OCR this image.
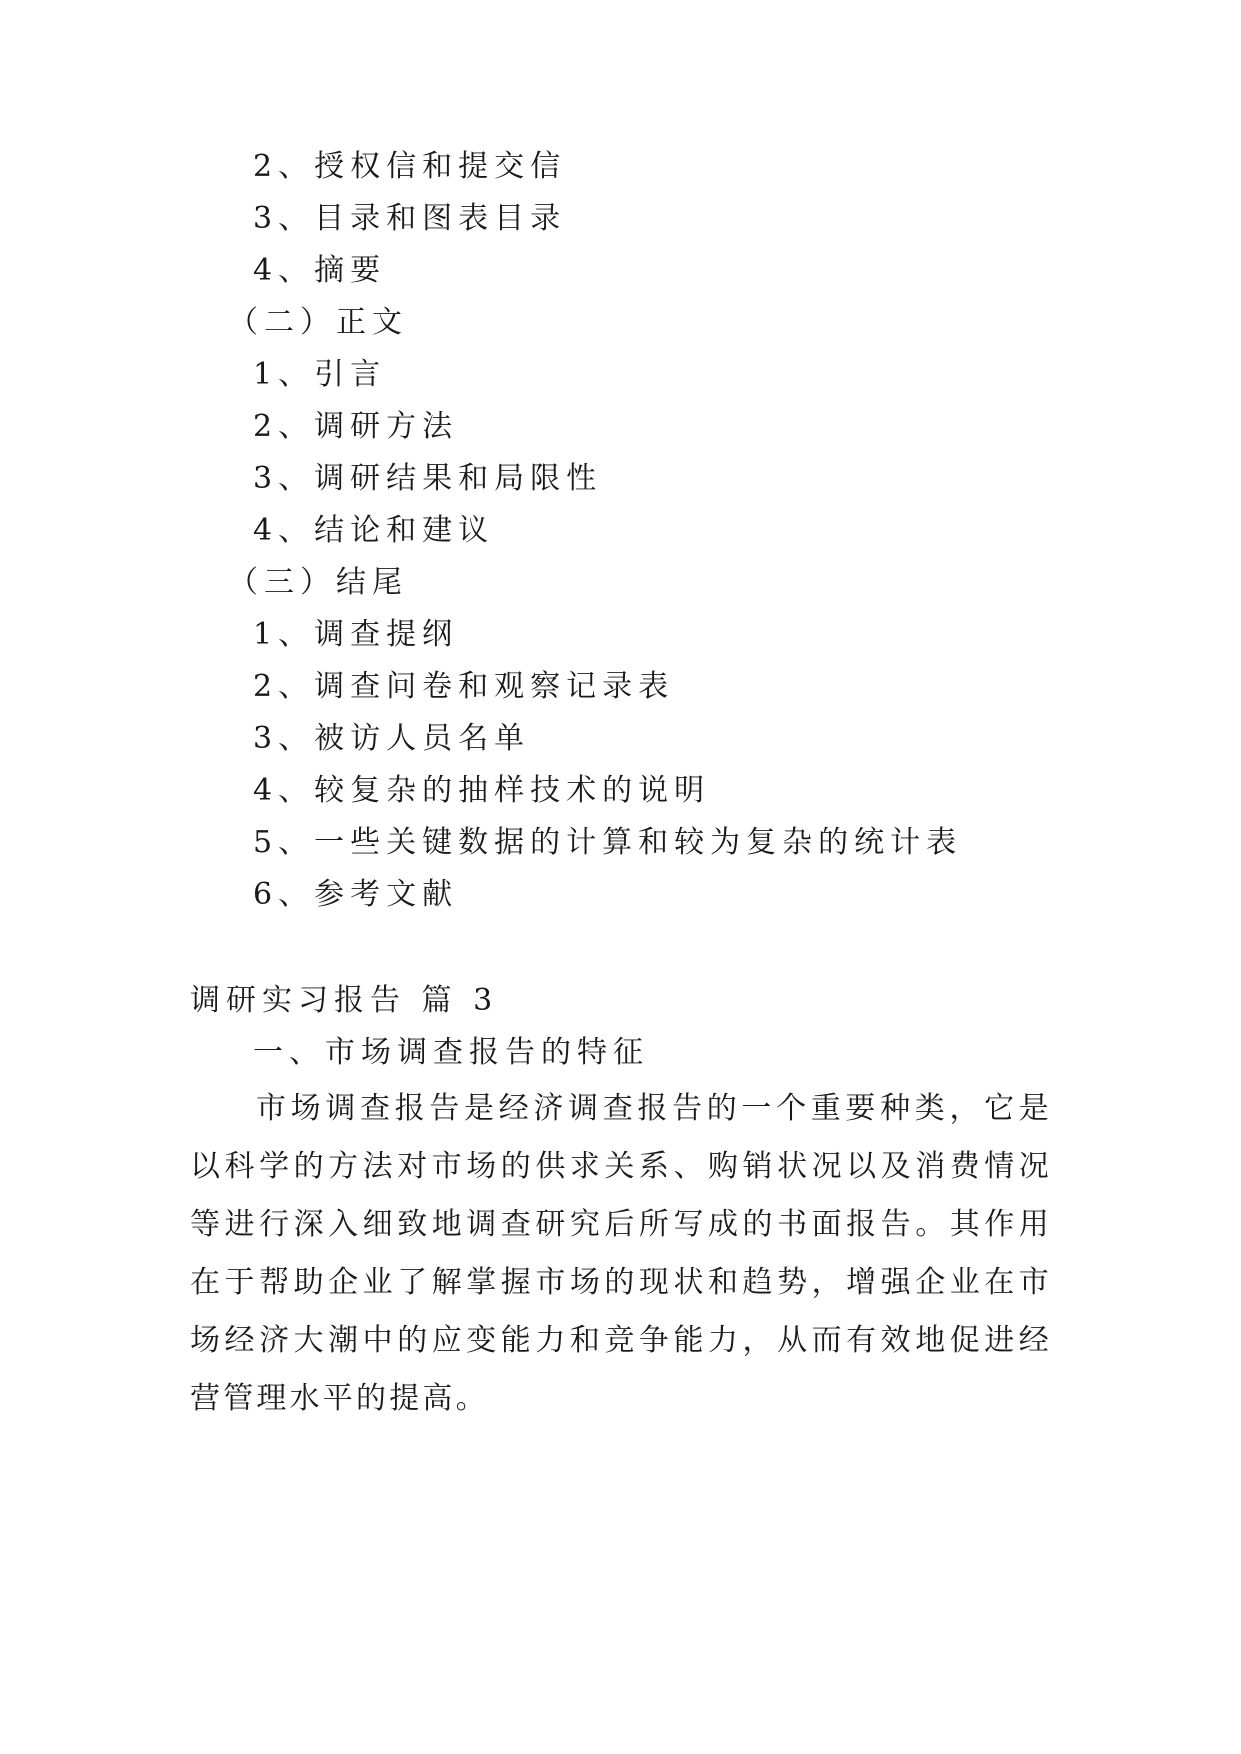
2、授权信和提交信
3、目录和图表目录
4、摘要
（二）正文
1、引言
2、调研方法
3、调研结果和局限性
4、结论和建议
（三）结尾
1、调查提纲
2、调查问卷和观察记录表
3、被访人员名单
4、较复杂的抽样技术的说明
5、一些关键数据的计算和较为复杂的统计表
6、参考文献
调研实习报告 篇 3
一、市场调查报告的特征

市场调查报告是经济调查报告的一个重要种类，它是以科学的方法对市场的供求关系、购销状况以及消费情况等进行深入细致地调查研究后所写成的书面报告。其作用在于帮助企业了解掌握市场的现状和趋势，增强企业在市场经济大潮中的应变能力和竞争能力，从而有效地促进经营管理水平的提高。
